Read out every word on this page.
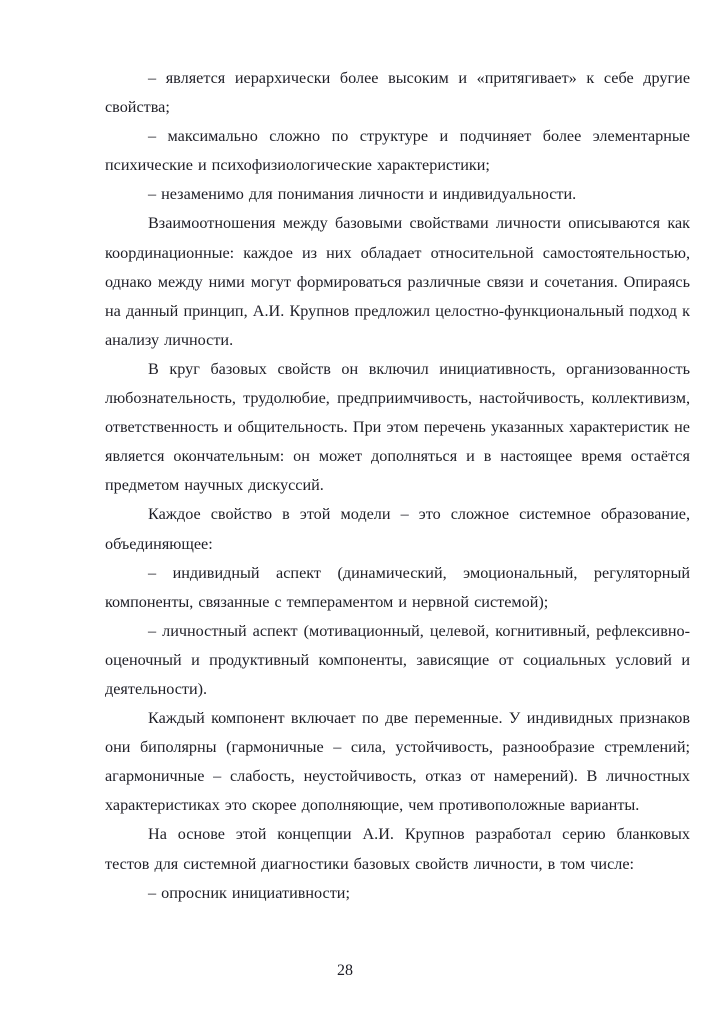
– является иерархически более высоким и «притягивает» к себе другие свойства;

– максимально сложно по структуре и подчиняет более элементарные психические и психофизиологические характеристики;

– незаменимо для понимания личности и индивидуальности.

Взаимоотношения между базовыми свойствами личности описываются как координационные: каждое из них обладает относительной самостоятельностью, однако между ними могут формироваться различные связи и сочетания. Опираясь на данный принцип, А.И. Крупнов предложил целостно-функциональный подход к анализу личности.

В круг базовых свойств он включил инициативность, организованность любознательность, трудолюбие, предприимчивость, настойчивость, коллективизм, ответственность и общительность. При этом перечень указанных характеристик не является окончательным: он может дополняться и в настоящее время остаётся предметом научных дискуссий.

Каждое свойство в этой модели – это сложное системное образование, объединяющее:

– индивидный аспект (динамический, эмоциональный, регуляторный компоненты, связанные с темпераментом и нервной системой);

– личностный аспект (мотивационный, целевой, когнитивный, рефлексивно-оценочный и продуктивный компоненты, зависящие от социальных условий и деятельности).

Каждый компонент включает по две переменные. У индивидных признаков они биполярны (гармоничные – сила, устойчивость, разнообразие стремлений; агармоничные – слабость, неустойчивость, отказ от намерений). В личностных характеристиках это скорее дополняющие, чем противоположные варианты.

На основе этой концепции А.И. Крупнов разработал серию бланковых тестов для системной диагностики базовых свойств личности, в том числе:

– опросник инициативности;

28
